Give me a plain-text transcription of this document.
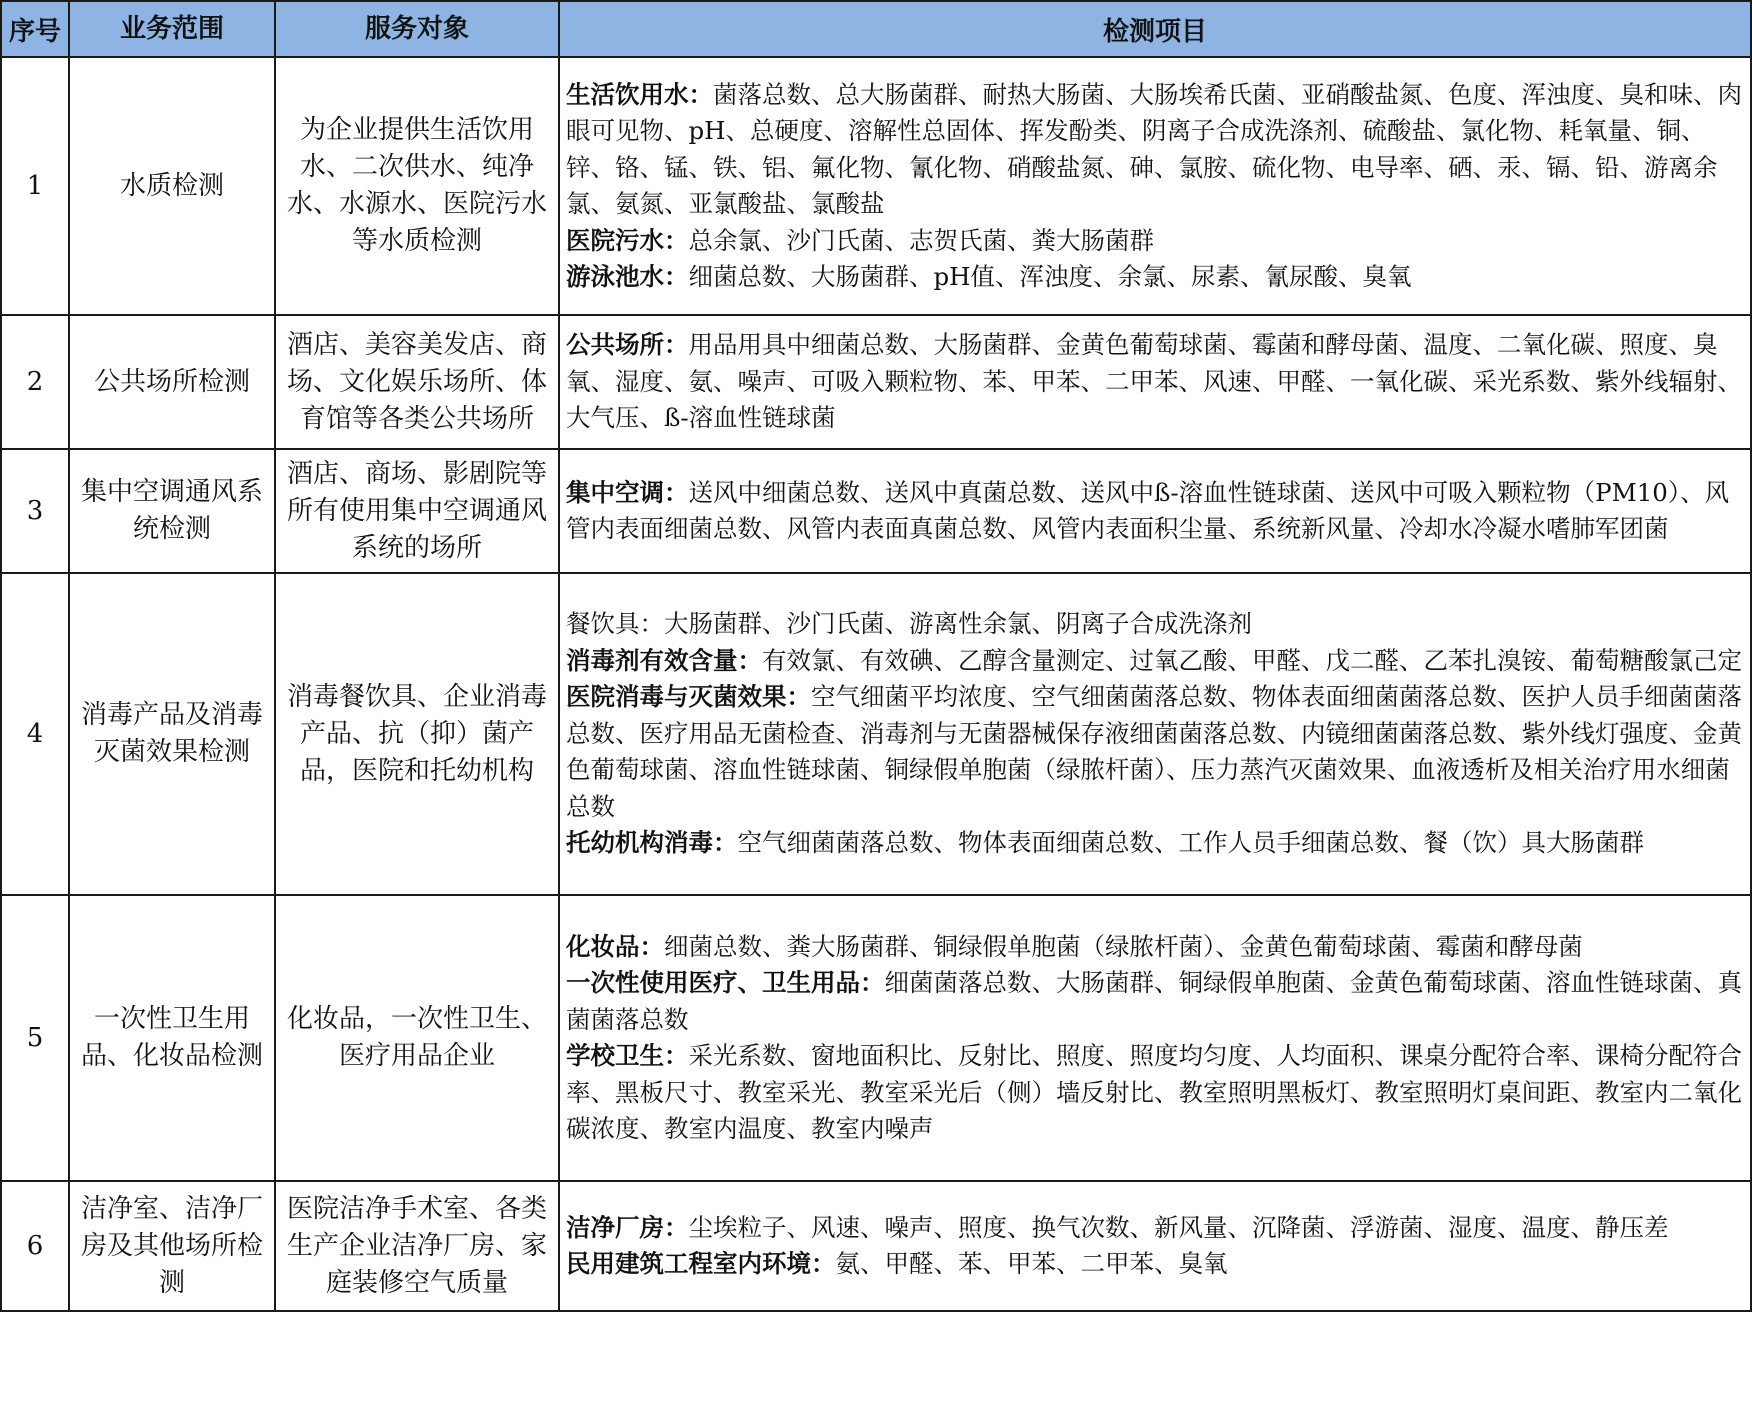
序号	业务范围	服务对象	检测项目
1	水质检测	为企业提供生活饮用水、二次供水、纯净水、水源水、医院污水等水质检测	生活饮用水：菌落总数、总大肠菌群、耐热大肠菌、大肠埃希氏菌、亚硝酸盐氮、色度、浑浊度、臭和味、肉眼可见物、pH、总硬度、溶解性总固体、挥发酚类、阴离子合成洗涤剂、硫酸盐、氯化物、耗氧量、铜、锌、铬、锰、铁、铝、氟化物、氰化物、硝酸盐氮、砷、氯胺、硫化物、电导率、硒、汞、镉、铅、游离余氯、氨氮、亚氯酸盐、氯酸盐
医院污水：总余氯、沙门氏菌、志贺氏菌、粪大肠菌群
游泳池水：细菌总数、大肠菌群、pH值、浑浊度、余氯、尿素、氰尿酸、臭氧

2	公共场所检测	酒店、美容美发店、商场、文化娱乐场所、体育馆等各类公共场所	公共场所：用品用具中细菌总数、大肠菌群、金黄色葡萄球菌、霉菌和酵母菌、温度、二氧化碳、照度、臭氧、湿度、氨、噪声、可吸入颗粒物、苯、甲苯、二甲苯、风速、甲醛、一氧化碳、采光系数、紫外线辐射、大气压、ß-溶血性链球菌

3	集中空调通风系统检测	酒店、商场、影剧院等所有使用集中空调通风系统的场所	集中空调：送风中细菌总数、送风中真菌总数、送风中ß-溶血性链球菌、送风中可吸入颗粒物（PM10）、风管内表面细菌总数、风管内表面真菌总数、风管内表面积尘量、系统新风量、冷却水冷凝水嗜肺军团菌

4	消毒产品及消毒灭菌效果检测	消毒餐饮具、企业消毒产品、抗（抑）菌产品，医院和托幼机构	餐饮具：大肠菌群、沙门氏菌、游离性余氯、阴离子合成洗涤剂
消毒剂有效含量：有效氯、有效碘、乙醇含量测定、过氧乙酸、甲醛、戊二醛、乙苯扎溴铵、葡萄糖酸氯己定
医院消毒与灭菌效果：空气细菌平均浓度、空气细菌菌落总数、物体表面细菌菌落总数、医护人员手细菌菌落总数、医疗用品无菌检查、消毒剂与无菌器械保存液细菌菌落总数、内镜细菌菌落总数、紫外线灯强度、金黄色葡萄球菌、溶血性链球菌、铜绿假单胞菌（绿脓杆菌）、压力蒸汽灭菌效果、血液透析及相关治疗用水细菌总数
托幼机构消毒：空气细菌菌落总数、物体表面细菌总数、工作人员手细菌总数、餐（饮）具大肠菌群

5	一次性卫生用品、化妆品检测	化妆品，一次性卫生、医疗用品企业	化妆品：细菌总数、粪大肠菌群、铜绿假单胞菌（绿脓杆菌）、金黄色葡萄球菌、霉菌和酵母菌
一次性使用医疗、卫生用品：细菌菌落总数、大肠菌群、铜绿假单胞菌、金黄色葡萄球菌、溶血性链球菌、真菌菌落总数
学校卫生：采光系数、窗地面积比、反射比、照度、照度均匀度、人均面积、课桌分配符合率、课椅分配符合率、黑板尺寸、教室采光、教室采光后（侧）墙反射比、教室照明黑板灯、教室照明灯桌间距、教室内二氧化碳浓度、教室内温度、教室内噪声

6	洁净室、洁净厂房及其他场所检测	医院洁净手术室、各类生产企业洁净厂房、家庭装修空气质量	洁净厂房：尘埃粒子、风速、噪声、照度、换气次数、新风量、沉降菌、浮游菌、湿度、温度、静压差
民用建筑工程室内环境：氨、甲醛、苯、甲苯、二甲苯、臭氧
